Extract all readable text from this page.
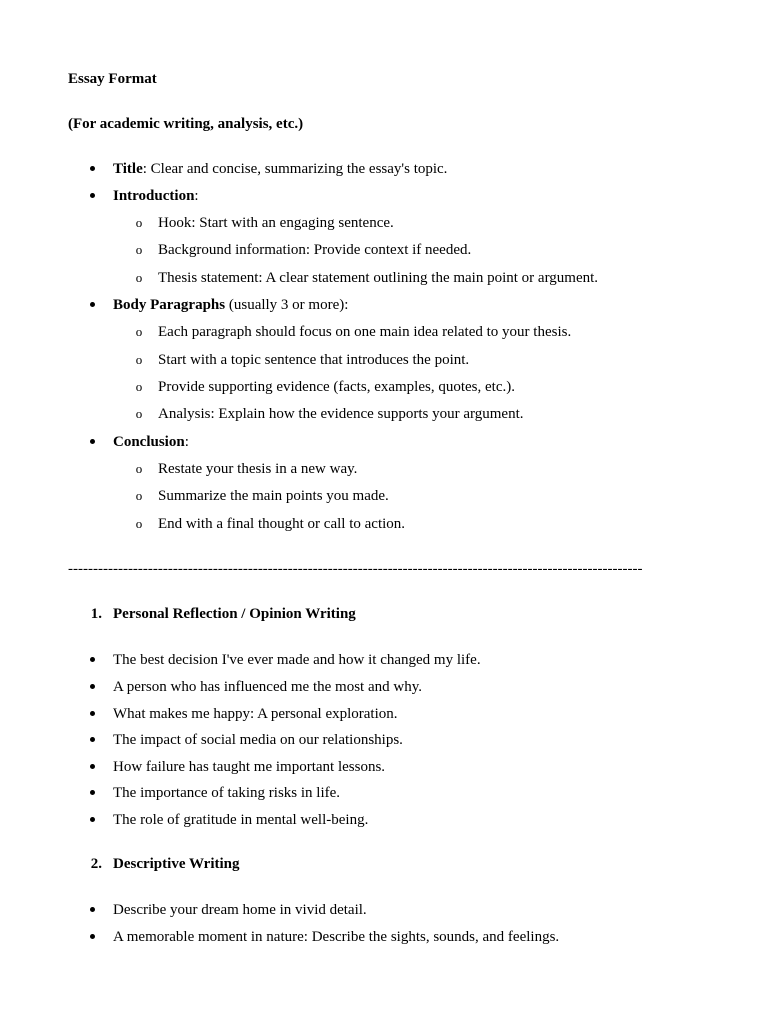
Essay Format
(For academic writing, analysis, etc.)
Title: Clear and concise, summarizing the essay's topic.
Introduction:
o Hook: Start with an engaging sentence.
o Background information: Provide context if needed.
o Thesis statement: A clear statement outlining the main point or argument.
Body Paragraphs (usually 3 or more):
o Each paragraph should focus on one main idea related to your thesis.
o Start with a topic sentence that introduces the point.
o Provide supporting evidence (facts, examples, quotes, etc.).
o Analysis: Explain how the evidence supports your argument.
Conclusion:
o Restate your thesis in a new way.
o Summarize the main points you made.
o End with a final thought or call to action.
-------------------------------------------------------------------------------------------------------------------
1. Personal Reflection / Opinion Writing
The best decision I've ever made and how it changed my life.
A person who has influenced me the most and why.
What makes me happy: A personal exploration.
The impact of social media on our relationships.
How failure has taught me important lessons.
The importance of taking risks in life.
The role of gratitude in mental well-being.
2. Descriptive Writing
Describe your dream home in vivid detail.
A memorable moment in nature: Describe the sights, sounds, and feelings.
